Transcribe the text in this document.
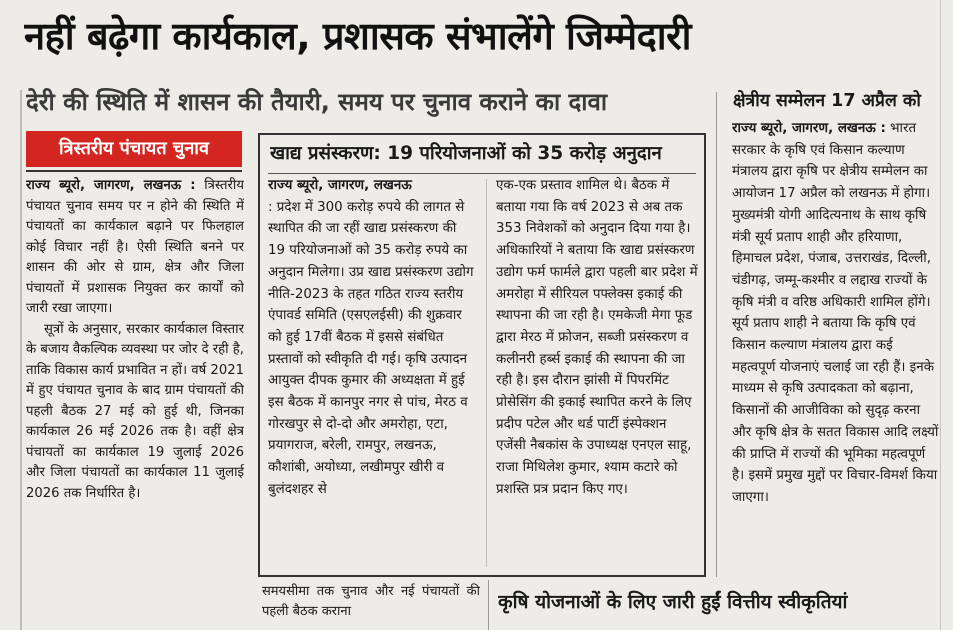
नहीं बढ़ेगा कार्यकाल, प्रशासक संभालेंगे जिम्मेदारी
देरी की स्थिति में शासन की तैयारी, समय पर चुनाव कराने का दावा
त्रिस्तरीय पंचायत चुनाव

राज्य ब्यूरो, जागरण, लखनऊ : त्रिस्तरीय पंचायत चुनाव समय पर न होने की स्थिति में पंचायतों का कार्यकाल बढ़ाने पर फिलहाल कोई विचार नहीं है। ऐसी स्थिति बनने पर शासन की ओर से ग्राम, क्षेत्र और जिला पंचायतों में प्रशासक नियुक्त कर कार्यों को जारी रखा जाएगा।

सूत्रों के अनुसार, सरकार कार्यकाल विस्तार के बजाय वैकल्पिक व्यवस्था पर जोर दे रही है, ताकि विकास कार्य प्रभावित न हों। वर्ष 2021 में हुए पंचायत चुनाव के बाद ग्राम पंचायतों की पहली बैठक 27 मई को हुई थी, जिनका कार्यकाल 26 मई 2026 तक है। वहीं क्षेत्र पंचायतों का कार्यकाल 19 जुलाई 2026 और जिला पंचायतों का कार्यकाल 11 जुलाई 2026 तक निर्धारित है।

खाद्य प्रसंस्करण: 19 परियोजनाओं को 35 करोड़ अनुदान

राज्य ब्यूरो, जागरण, लखनऊ

: प्रदेश में 300 करोड़ रुपये की लागत से स्थापित की जा रहीं खाद्य प्रसंस्करण की 19 परियोजनाओं को 35 करोड़ रुपये का अनुदान मिलेगा। उप्र खाद्य प्रसंस्करण उद्योग नीति-2023 के तहत गठित राज्य स्तरीय एंपावर्ड समिति (एसएलईसी) की शुक्रवार को हुई 17वीं बैठक में इससे संबंधित प्रस्तावों को स्वीकृति दी गई। कृषि उत्पादन आयुक्त दीपक कुमार की अध्यक्षता में हुई इस बैठक में कानपुर नगर से पांच, मेरठ व गोरखपुर से दो-दो और अमरोहा, एटा, प्रयागराज, बरेली, रामपुर, लखनऊ, कौशांबी, अयोध्या, लखीमपुर खीरी व बुलंदशहर से

एक-एक प्रस्ताव शामिल थे। बैठक में बताया गया कि वर्ष 2023 से अब तक 353 निवेशकों को अनुदान दिया गया है। अधिकारियों ने बताया कि खाद्य प्रसंस्करण उद्योग फर्म फार्मले द्वारा पहली बार प्रदेश में अमरोहा में सीरियल पफ्लेक्स इकाई की स्थापना की जा रही है। एमकेजी मेगा फूड द्वारा मेरठ में फ्रोजन, सब्जी प्रसंस्करण व कलीनरी हर्ब्स इकाई की स्थापना की जा रही है। इस दौरान झांसी में पिपरमिंट प्रोसेसिंग की इकाई स्थापित करने के लिए प्रदीप पटेल और थर्ड पार्टी इंस्पेक्शन एजेंसी नैबकांस के उपाध्यक्ष एनएल साहू, राजा मिथिलेश कुमार, श्याम कटारे को प्रशस्ति प्रत्र प्रदान किए गए।

समयसीमा तक चुनाव और नई पंचायतों की पहली बैठक कराना	कृषि योजनाओं के लिए जारी हुईं वित्तीय स्वीकृतियां
क्षेत्रीय सम्मेलन 17 अप्रैल को

राज्य ब्यूरो, जागरण, लखनऊ : भारत सरकार के कृषि एवं किसान कल्याण मंत्रालय द्वारा कृषि पर क्षेत्रीय सम्मेलन का आयोजन 17 अप्रैल को लखनऊ में होगा। मुख्यमंत्री योगी आदित्यनाथ के साथ कृषि मंत्री सूर्य प्रताप शाही और हरियाणा, हिमाचल प्रदेश, पंजाब, उत्तराखंड, दिल्ली, चंडीगढ़, जम्मू-कश्मीर व लद्दाख राज्यों के कृषि मंत्री व वरिष्ठ अधिकारी शामिल होंगे। सूर्य प्रताप शाही ने बताया कि कृषि एवं किसान कल्याण मंत्रालय द्वारा कई महत्वपूर्ण योजनाएं चलाई जा रही हैं। इनके माध्यम से कृषि उत्पादकता को बढ़ाना, किसानों की आजीविका को सुदृढ़ करना और कृषि क्षेत्र के सतत विकास आदि लक्ष्यों की प्राप्ति में राज्यों की भूमिका महत्वपूर्ण है। इसमें प्रमुख मुद्दों पर विचार-विमर्श किया जाएगा।
